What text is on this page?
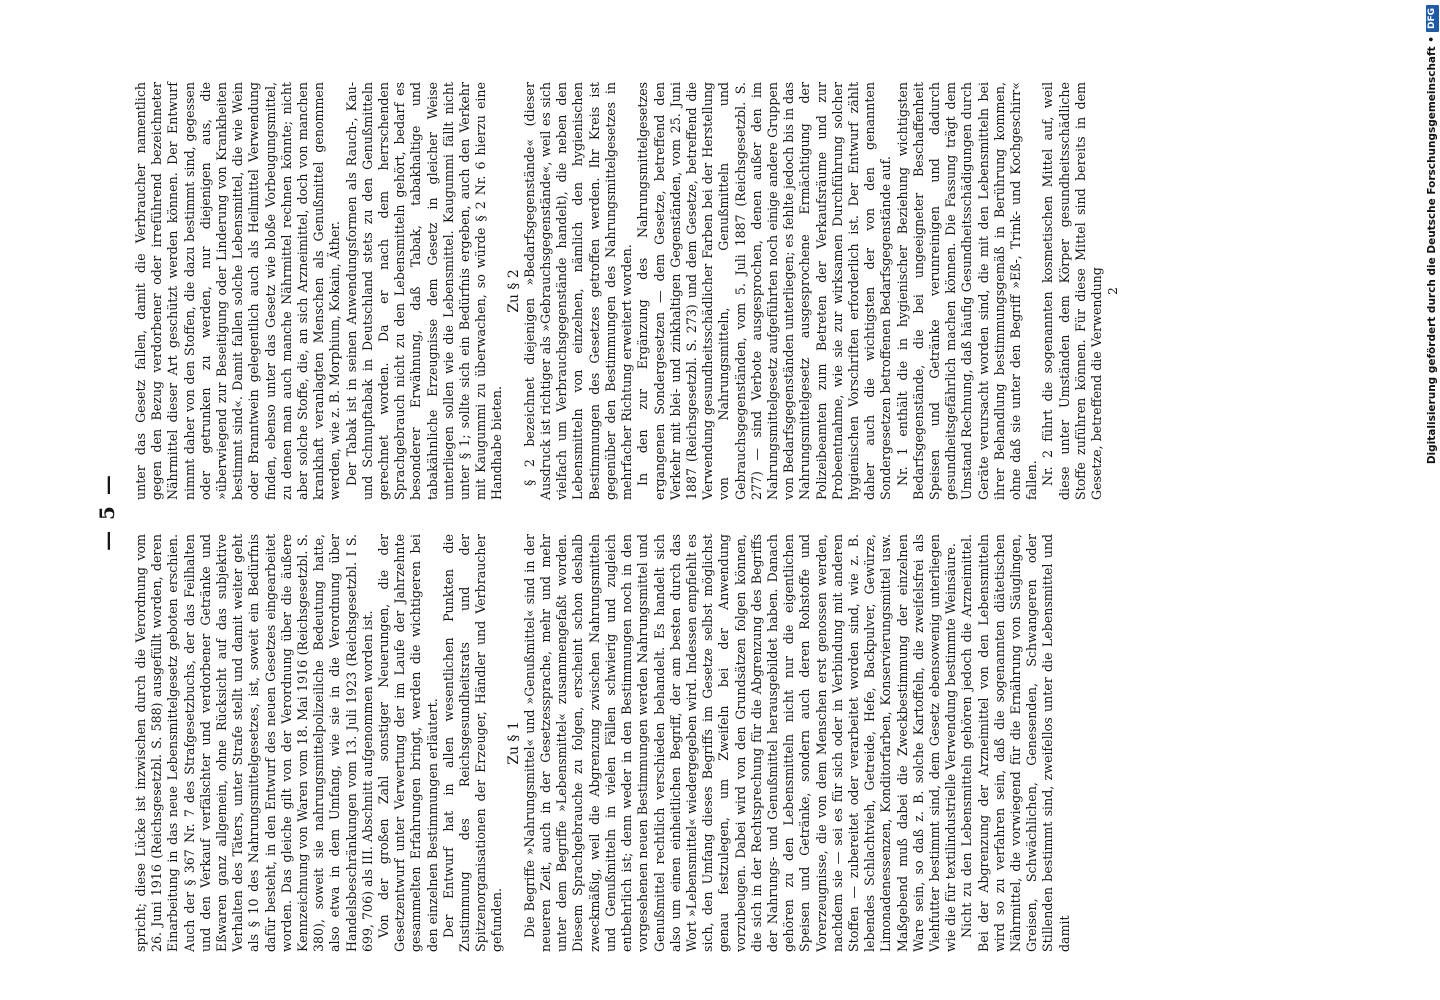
— 5 —

spricht; diese Lücke ist inzwischen durch die Verordnung vom 26. Juni 1916 (Reichsgesetzbl. S. 588) ausgefüllt worden, deren Einarbeitung in das neue Lebensmittelgesetz geboten erschien. Auch der § 367 Nr. 7 des Strafgesetzbuchs, der das Feilhalten und den Verkauf verfälschter und verdorbener Getränke und Eßwaren ganz allgemein, ohne Rücksicht auf das subjektive Verhalten des Täters, unter Strafe stellt und damit weiter geht als § 10 des Nahrungsmittelgesetzes, ist, soweit ein Bedürfnis dafür besteht, in den Entwurf des neuen Gesetzes eingearbeitet worden. Das gleiche gilt von der Verordnung über die äußere Kennzeichnung von Waren vom 18. Mai 1916 (Reichsgesetzbl. S. 380), soweit sie nahrungsmittelpolizeiliche Bedeutung hatte, also etwa in dem Umfang, wie sie in die Verordnung über Handelsbeschränkungen vom 13. Juli 1923 (Reichsgesetzbl. I S. 699, 706) als III. Abschnitt aufgenommen worden ist. Von der großen Zahl sonstiger Neuerungen, die der Gesetzentwurf unter Verwertung der im Laufe der Jahrzehnte gesammelten Erfahrungen bringt, werden die wichtigeren bei den einzelnen Bestimmungen erläutert. Der Entwurf hat in allen wesentlichen Punkten die Zustimmung des Reichsgesundheitsrats und der Spitzenorganisationen der Erzeuger, Händler und Verbraucher gefunden.

Zu § 1 Die Begriffe »Nahrungsmittel« und »Genußmittel« sind in der neueren Zeit, auch in der Gesetzessprache, mehr und mehr unter dem Begriffe »Lebensmittel« zusammengefaßt worden. Diesem Sprachgebrauche zu folgen, erscheint schon deshalb zweckmäßig, weil die Abgrenzung zwischen Nahrungsmitteln und Genußmitteln in vielen Fällen schwierig und zugleich entbehrlich ist; denn weder in den Bestimmungen noch in den vorgesehenen neuen Bestimmungen werden Nahrungsmittel und Genußmittel rechtlich verschieden behandelt. Es handelt sich also um einen einheitlichen Begriff, der am besten durch das Wort »Lebensmittel« wiedergegeben wird. Indessen empfiehlt es sich, den Umfang dieses Begriffs im Gesetze selbst möglichst genau festzulegen, um Zweifeln bei der Anwendung vorzubeugen. Dabei wird von den Grundsätzen folgen können, die sich in der Rechtsprechung für die Abgrenzung des Begriffs der Nahrungs- und Genußmittel herausgebildet haben. Danach gehören zu den Lebensmitteln nicht nur die eigentlichen Speisen und Getränke, sondern auch deren Rohstoffe und Vorerzeugnisse, die von dem Menschen erst genossen werden, nachdem sie — sei es für sich oder in Verbindung mit anderen Stoffen — zubereitet oder verarbeitet worden sind, wie z. B. lebendes Schlachtvieh, Getreide, Hefe, Backpulver, Gewürze, Limonadenessenzen, Konditorfarben, Konservierungsmittel usw. Maßgebend muß dabei die Zweckbestimmung der einzelnen Ware sein, so daß z. B. solche Kartoffeln, die zweifelsfrei als Viehfutter bestimmt sind, dem Gesetz ebensowenig unterliegen wie die für textilindustrielle Verwendung bestimmte Weinsäure. Nicht zu den Lebensmitteln gehören jedoch die Arzneimittel. Bei der Abgrenzung der Arzneimittel von den Lebensmitteln wird so zu verfahren sein, daß die sogenannten diätetischen Nährmittel, die vorwiegend für die Ernährung von Säuglingen, Greisen, Schwächlichen, Genesenden, Schwangeren oder Stillenden bestimmt sind, zweifellos unter die Lebensmittel und damit

unter das Gesetz fallen, damit die Verbraucher namentlich gegen den Bezug verdorbener oder irreführend bezeichneter Nährmittel dieser Art geschützt werden können. Der Entwurf nimmt daher von den Stoffen, die dazu bestimmt sind, gegessen oder getrunken zu werden, nur diejenigen aus, die »überwiegend zur Beseitigung oder Linderung von Krankheiten bestimmt sind«. Damit fallen solche Lebensmittel, die wie Wein oder Branntwein gelegentlich auch als Heilmittel Verwendung finden, ebenso unter das Gesetz wie bloße Vorbeugungsmittel, zu denen man auch manche Nährmittel rechnen könnte; nicht aber solche Stoffe, die, an sich Arzneimittel, doch von manchen krankhaft veranlagten Menschen als Genußmittel genommen werden, wie z. B. Morphium, Kokain, Äther. Der Tabak ist in seinen Anwendungsformen als Rauch-, Kau- und Schnupftabak in Deutschland stets zu den Genußmitteln gerechnet worden. Da er nach dem herrschenden Sprachgebrauch nicht zu den Lebensmitteln gehört, bedarf es besonderer Erwähnung, daß Tabak, tabakhaltige und tabakähnliche Erzeugnisse dem Gesetz in gleicher Weise unterliegen sollen wie die Lebensmittel. Kaugummi fällt nicht unter § 1; sollte sich ein Bedürfnis ergeben, auch den Verkehr mit Kaugummi zu überwachen, so würde § 2 Nr. 6 hierzu eine Handhabe bieten.

Zu § 2 § 2 bezeichnet diejenigen »Bedarfsgegenstände« (dieser Ausdruck ist richtiger als »Gebrauchsgegenstände«, weil es sich vielfach um Verbrauchsgegenstände handelt), die neben den Lebensmitteln von einzelnen, nämlich den hygienischen Bestimmungen des Gesetzes getroffen werden. Ihr Kreis ist gegenüber den Bestimmungen des Nahrungsmittelgesetzes in mehrfacher Richtung erweitert worden. In den zur Ergänzung des Nahrungsmittelgesetzes ergangenen Sondergesetzen — dem Gesetze, betreffend den Verkehr mit blei- und zinkhaltigen Gegenständen, vom 25. Juni 1887 (Reichsgesetzbl. S. 273) und dem Gesetze, betreffend die Verwendung gesundheitsschädlicher Farben bei der Herstellung von Nahrungsmitteln, Genußmitteln und Gebrauchsgegenständen, vom 5. Juli 1887 (Reichsgesetzbl. S. 277) — sind Verbote ausgesprochen, denen außer den im Nahrungsmittelgesetz aufgeführten noch einige andere Gruppen von Bedarfsgegenständen unterliegen; es fehlte jedoch bis in das Nahrungsmittelgesetz ausgesprochene Ermächtigung der Polizeibeamten zum Betreten der Verkaufsräume und zur Probeentnahme, wie sie zur wirksamen Durchführung solcher hygienischen Vorschriften erforderlich ist. Der Entwurf zählt daher auch die wichtigsten der von den genannten Sondergesetzen betroffenen Bedarfsgegenstände auf. Nr. 1 enthält die in hygienischer Beziehung wichtigsten Bedarfsgegenstände, die bei ungeeigneter Beschaffenheit Speisen und Getränke verunreinigen und dadurch gesundheitsgefährlich machen können. Die Fassung trägt dem Umstand Rechnung, daß häufig Gesundheitsschädigungen durch Geräte verursacht worden sind, die mit den Lebensmitteln bei ihrer Behandlung bestimmungsgemäß in Berührung kommen, ohne daß sie unter den Begriff »Eß-, Trink- und Kochgeschirr« fallen. Nr. 2 führt die sogenannten kosmetischen Mittel auf, weil diese unter Umständen dem Körper gesundheitsschädliche Stoffe zuführen können. Für diese Mittel sind bereits in dem Gesetze, betreffend die Verwendung 2	Digitalisierung gefördert durch die Deutsche Forschungsgemeinschaft •
DFG
